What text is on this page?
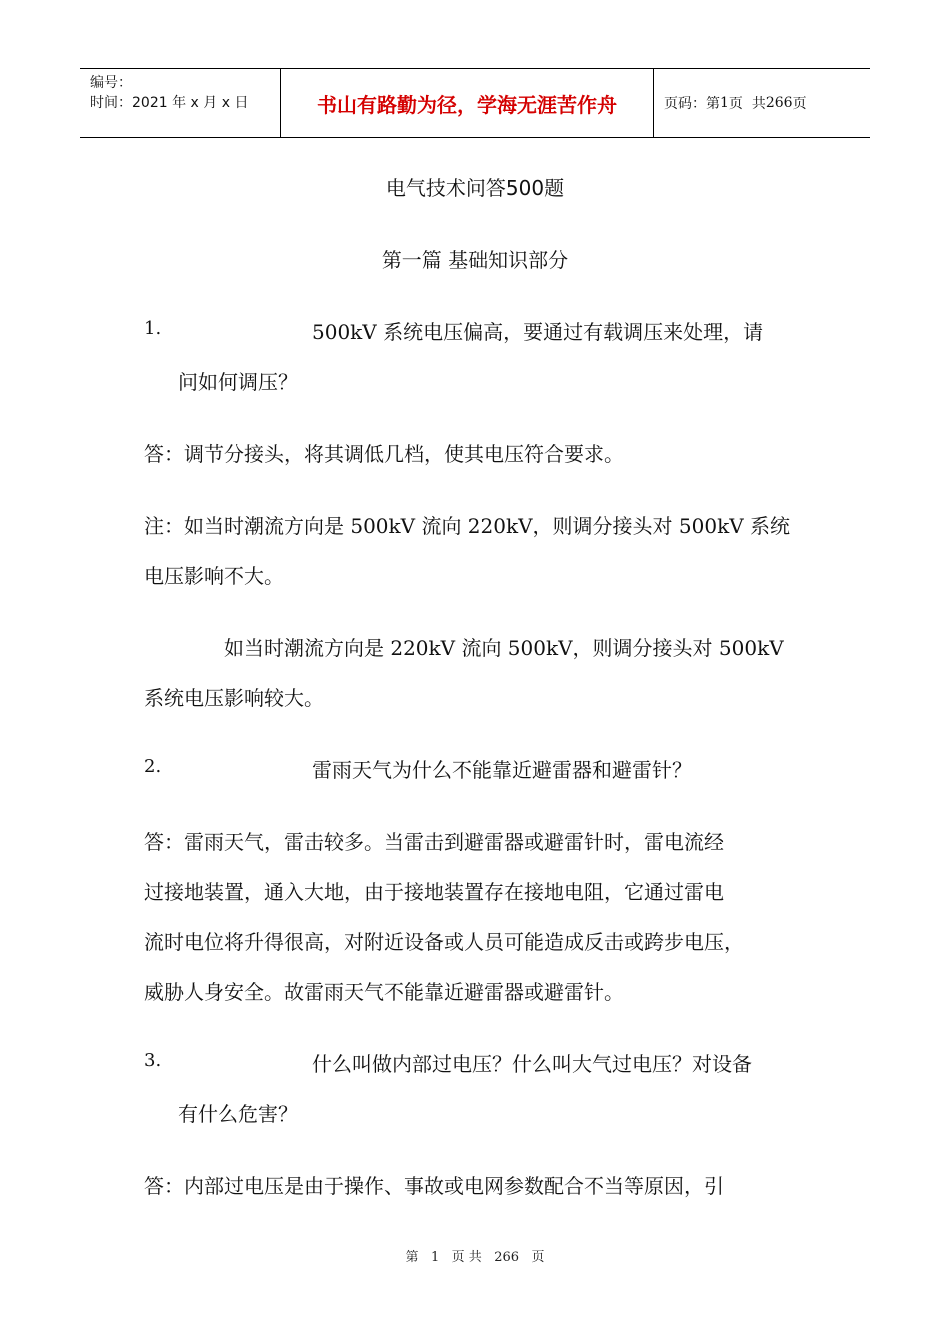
编号：
时间：2021 年 x 月 x 日	书山有路勤为径，学海无涯苦作舟	页码：第 1 页  共 266 页
电气技术问答500题
第一篇 基础知识部分
1.	500kV 系统电压偏高，要通过有载调压来处理，请
问如何调压？
答：调节分接头，将其调低几档，使其电压符合要求。
注：如当时潮流方向是 500kV 流向 220kV，则调分接头对 500kV 系统
电压影响不大。
如当时潮流方向是 220kV 流向 500kV，则调分接头对 500kV
系统电压影响较大。
2.	雷雨天气为什么不能靠近避雷器和避雷针？
答：雷雨天气，雷击较多。当雷击到避雷器或避雷针时，雷电流经
过接地装置，通入大地，由于接地装置存在接地电阻，它通过雷电
流时电位将升得很高，对附近设备或人员可能造成反击或跨步电压，
威胁人身安全。故雷雨天气不能靠近避雷器或避雷针。
3.	什么叫做内部过电压？什么叫大气过电压？对设备
有什么危害？
答：内部过电压是由于操作、事故或电网参数配合不当等原因，引
第 1 页 共 266 页
